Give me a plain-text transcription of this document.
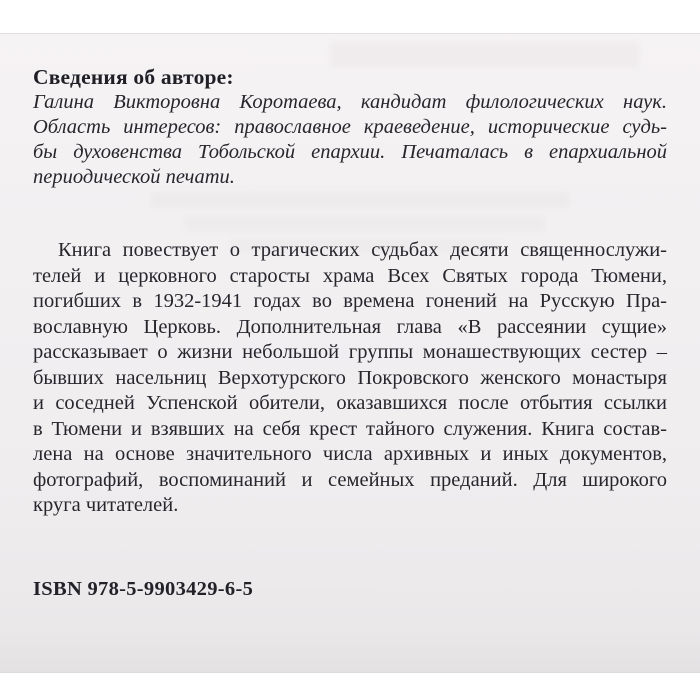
Сведения об авторе:
Галина Викторовна Коротаева, кандидат филологических наук.
Область интересов: православное краеведение, исторические судь-
бы духовенства Тобольской епархии. Печаталась в епархиальной
периодической печати.
Книга повествует о трагических судьбах десяти священнослужи-
телей и церковного старосты храма Всех Святых города Тюмени,
погибших в 1932-1941 годах во времена гонений на Русскую Пра-
вославную Церковь. Дополнительная глава «В рассеянии сущие»
рассказывает о жизни небольшой группы монашествующих сестер –
бывших насельниц Верхотурского Покровского женского монастыря
и соседней Успенской обители, оказавшихся после отбытия ссылки
в Тюмени и взявших на себя крест тайного служения. Книга состав-
лена на основе значительного числа архивных и иных документов,
фотографий, воспоминаний и семейных преданий. Для широкого
круга читателей.
ISBN 978-5-9903429-6-5
